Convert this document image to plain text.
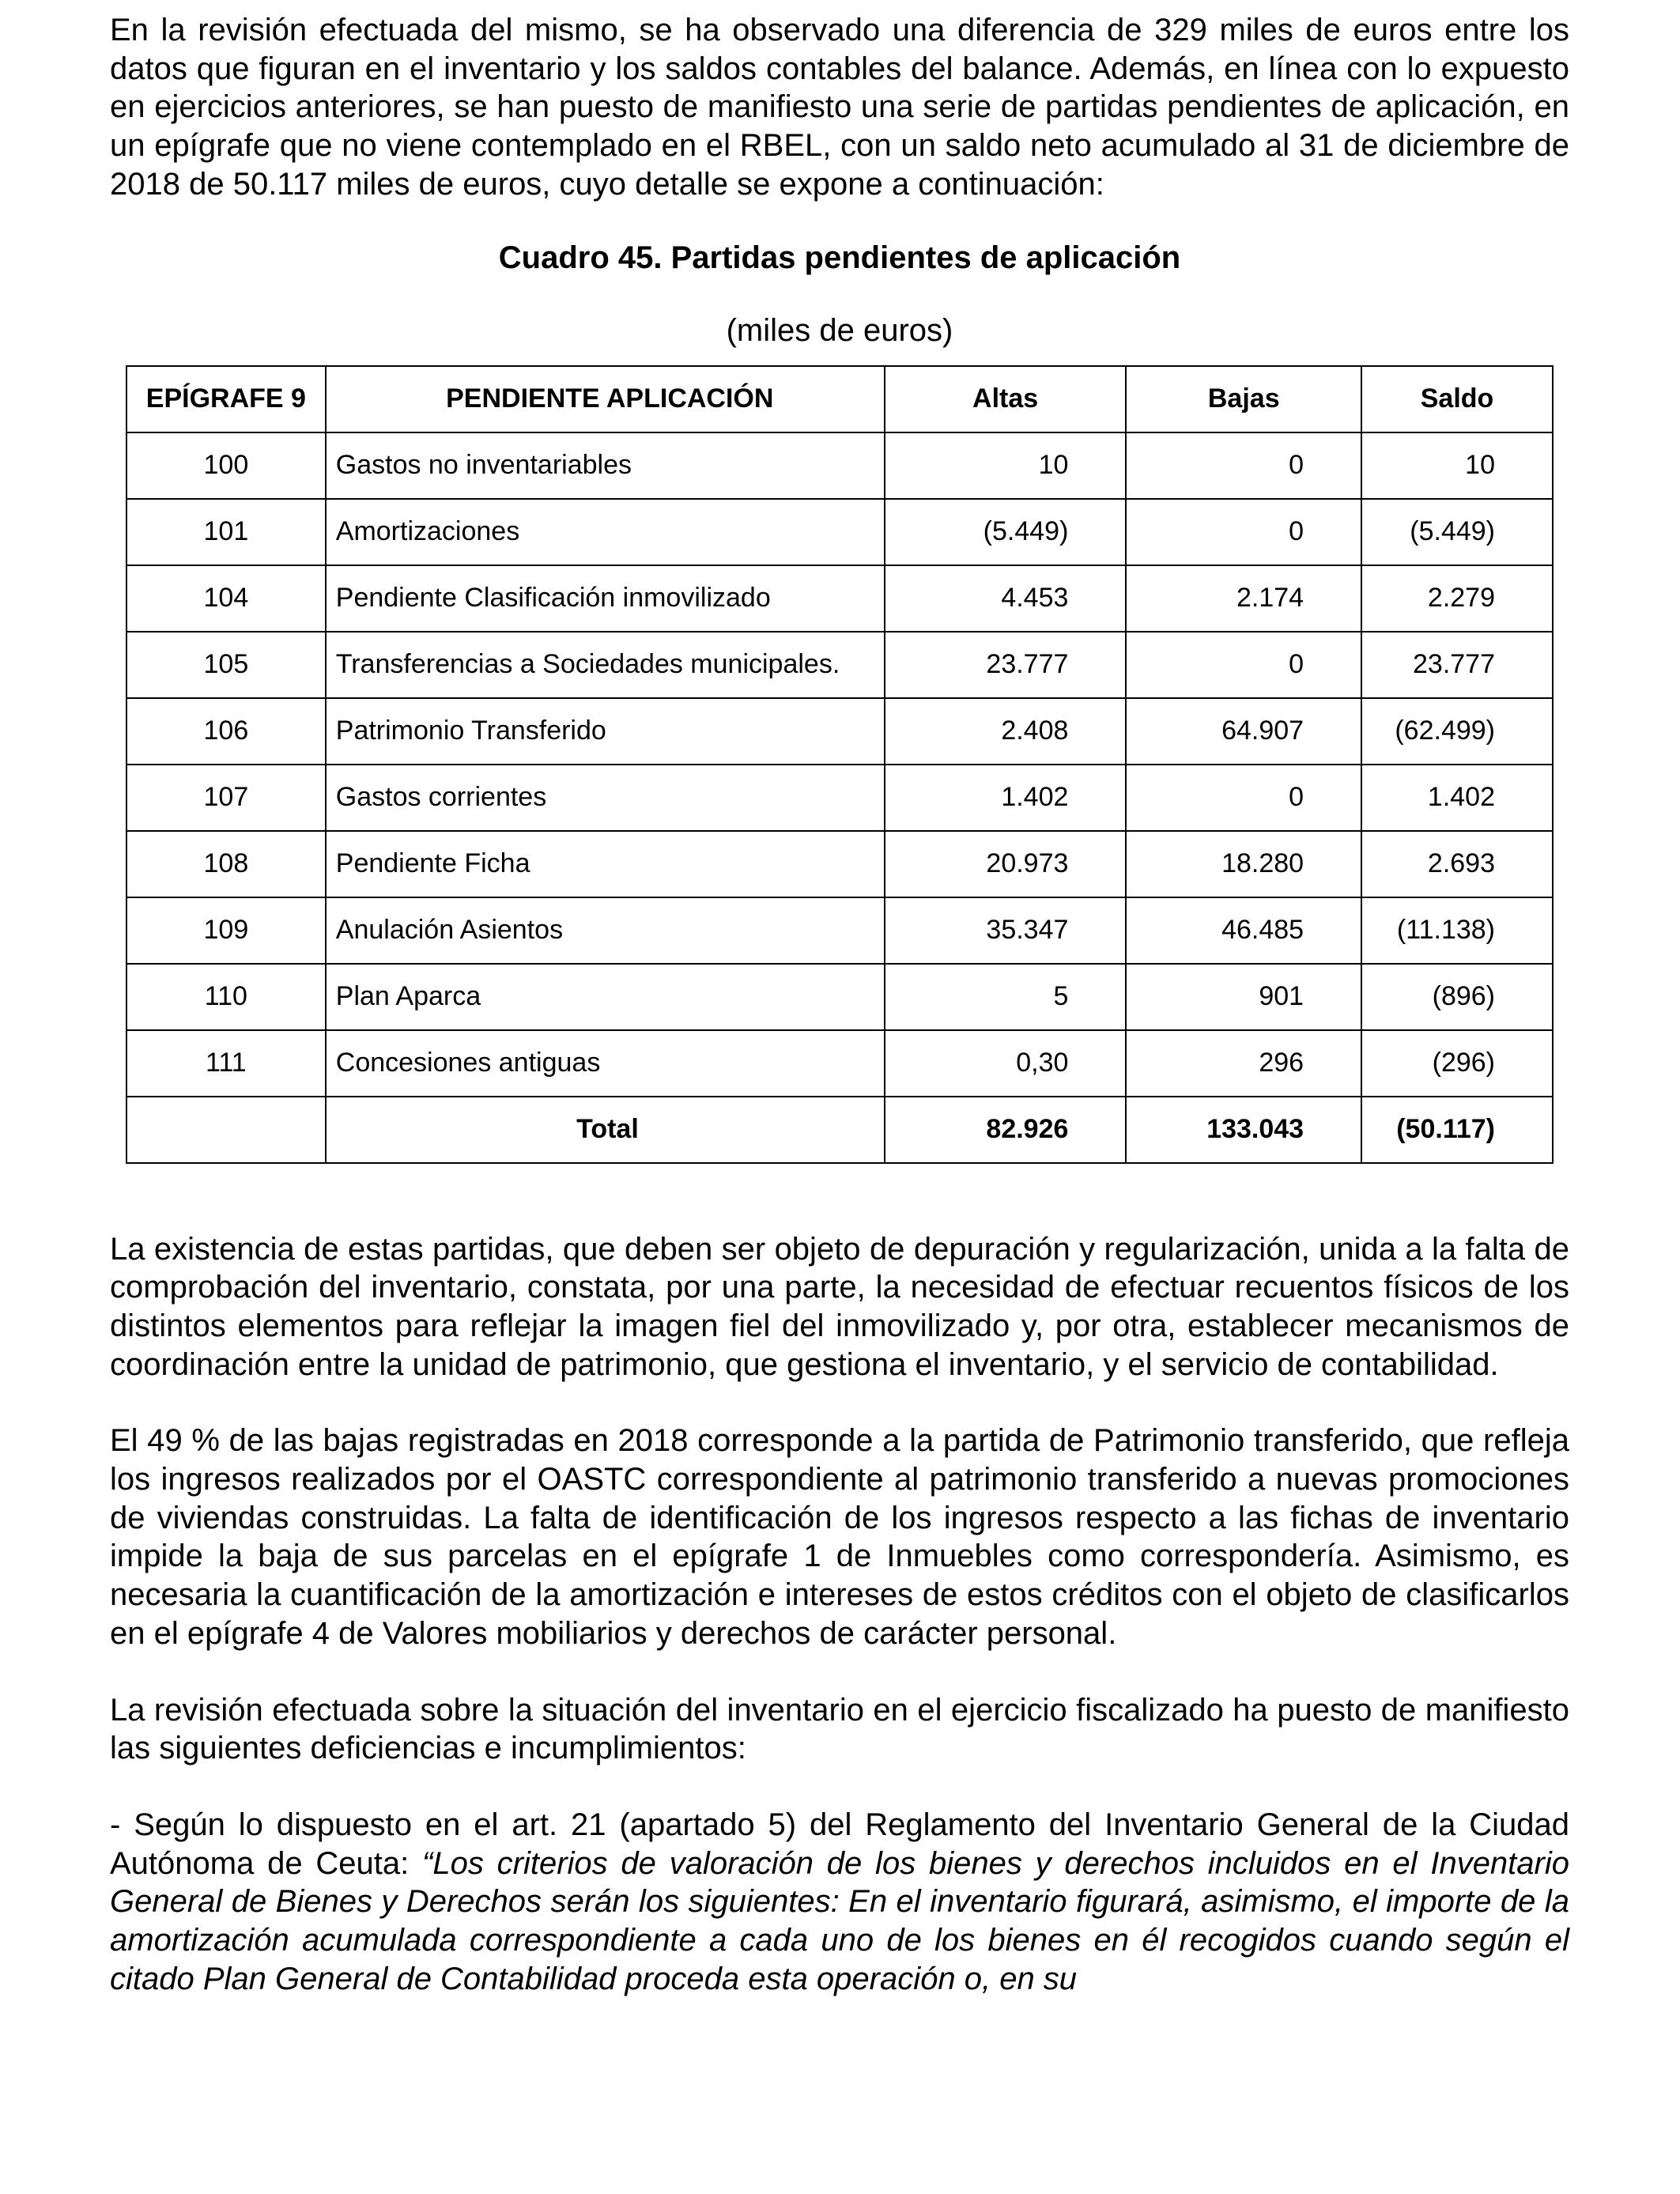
En la revisión efectuada del mismo, se ha observado una diferencia de 329 miles de euros entre los datos que figuran en el inventario y los saldos contables del balance. Además, en línea con lo expuesto en ejercicios anteriores, se han puesto de manifiesto una serie de partidas pendientes de aplicación, en un epígrafe que no viene contemplado en el RBEL, con un saldo neto acumulado al 31 de diciembre de 2018 de 50.117 miles de euros, cuyo detalle se expone a continuación:

Cuadro 45. Partidas pendientes de aplicación
(miles de euros)
EPÍGRAFE 9	PENDIENTE APLICACIÓN	Altas	Bajas	Saldo
100	Gastos no inventariables	10	0	10
101	Amortizaciones	(5.449)	0	(5.449)
104	Pendiente Clasificación inmovilizado	4.453	2.174	2.279
105	Transferencias a Sociedades municipales.	23.777	0	23.777
106	Patrimonio Transferido	2.408	64.907	(62.499)
107	Gastos corrientes	1.402	0	1.402
108	Pendiente Ficha	20.973	18.280	2.693
109	Anulación Asientos	35.347	46.485	(11.138)
110	Plan Aparca	5	901	(896)
111	Concesiones antiguas	0,30	296	(296)
	Total	82.926	133.043	(50.117)

La existencia de estas partidas, que deben ser objeto de depuración y regularización, unida a la falta de comprobación del inventario, constata, por una parte, la necesidad de efectuar recuentos físicos de los distintos elementos para reflejar la imagen fiel del inmovilizado y, por otra, establecer mecanismos de coordinación entre la unidad de patrimonio, que gestiona el inventario, y el servicio de contabilidad.

El 49 % de las bajas registradas en 2018 corresponde a la partida de Patrimonio transferido, que refleja los ingresos realizados por el OASTC correspondiente al patrimonio transferido a nuevas promociones de viviendas construidas. La falta de identificación de los ingresos respecto a las fichas de inventario impide la baja de sus parcelas en el epígrafe 1 de Inmuebles como correspondería. Asimismo, es necesaria la cuantificación de la amortización e intereses de estos créditos con el objeto de clasificarlos en el epígrafe 4 de Valores mobiliarios y derechos de carácter personal.

La revisión efectuada sobre la situación del inventario en el ejercicio fiscalizado ha puesto de manifiesto las siguientes deficiencias e incumplimientos:

- Según lo dispuesto en el art. 21 (apartado 5) del Reglamento del Inventario General de la Ciudad Autónoma de Ceuta: “Los criterios de valoración de los bienes y derechos incluidos en el Inventario General de Bienes y Derechos serán los siguientes: En el inventario figurará, asimismo, el importe de la amortización acumulada correspondiente a cada uno de los bienes en él recogidos cuando según el citado Plan General de Contabilidad proceda esta operación o, en su
